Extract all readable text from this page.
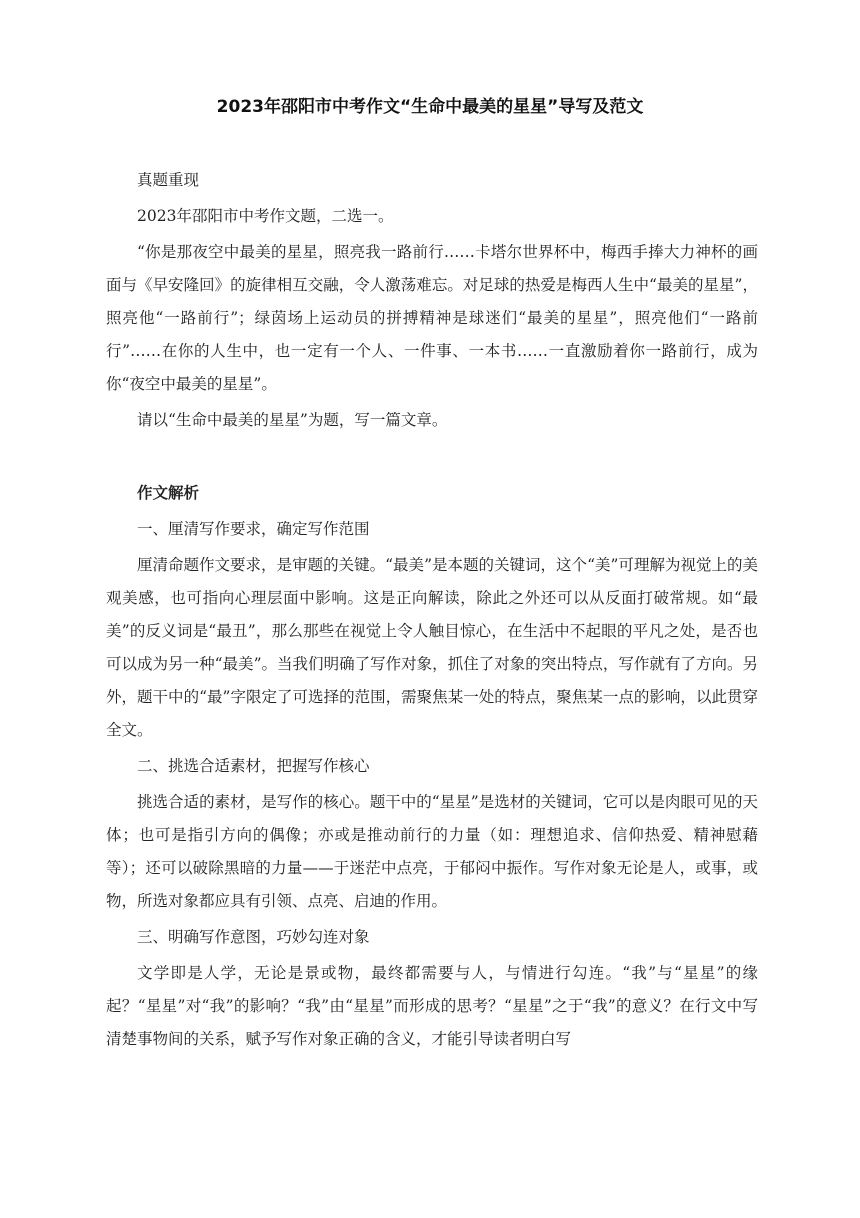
2023年邵阳市中考作文“生命中最美的星星”导写及范文

真题重现

2023年邵阳市中考作文题，二选一。

“你是那夜空中最美的星星，照亮我一路前行……卡塔尔世界杯中，梅西手捧大力神杯的画面与《早安隆回》的旋律相互交融，令人激荡难忘。对足球的热爱是梅西人生中“最美的星星”，照亮他“一路前行”；绿茵场上运动员的拼搏精神是球迷们“最美的星星”，照亮他们“一路前行”……在你的人生中，也一定有一个人、一件事、一本书……一直激励着你一路前行，成为你“夜空中最美的星星”。

请以“生命中最美的星星”为题，写一篇文章。

作文解析

一、厘清写作要求，确定写作范围

厘清命题作文要求，是审题的关键。“最美”是本题的关键词，这个“美”可理解为视觉上的美观美感，也可指向心理层面中影响。这是正向解读，除此之外还可以从反面打破常规。如“最美”的反义词是“最丑”，那么那些在视觉上令人触目惊心，在生活中不起眼的平凡之处，是否也可以成为另一种“最美”。当我们明确了写作对象，抓住了对象的突出特点，写作就有了方向。另外，题干中的“最”字限定了可选择的范围，需聚焦某一处的特点，聚焦某一点的影响，以此贯穿全文。

二、挑选合适素材，把握写作核心

挑选合适的素材，是写作的核心。题干中的“星星”是选材的关键词，它可以是肉眼可见的天体；也可是指引方向的偶像；亦或是推动前行的力量（如：理想追求、信仰热爱、精神慰藉等）；还可以破除黑暗的力量——于迷茫中点亮，于郁闷中振作。写作对象无论是人，或事，或物，所选对象都应具有引领、点亮、启迪的作用。

三、明确写作意图，巧妙勾连对象

文学即是人学，无论是景或物，最终都需要与人，与情进行勾连。“我”与“星星”的缘起？“星星”对“我”的影响？“我”由“星星”而形成的思考？“星星”之于“我”的意义？在行文中写清楚事物间的关系，赋予写作对象正确的含义，才能引导读者明白写
